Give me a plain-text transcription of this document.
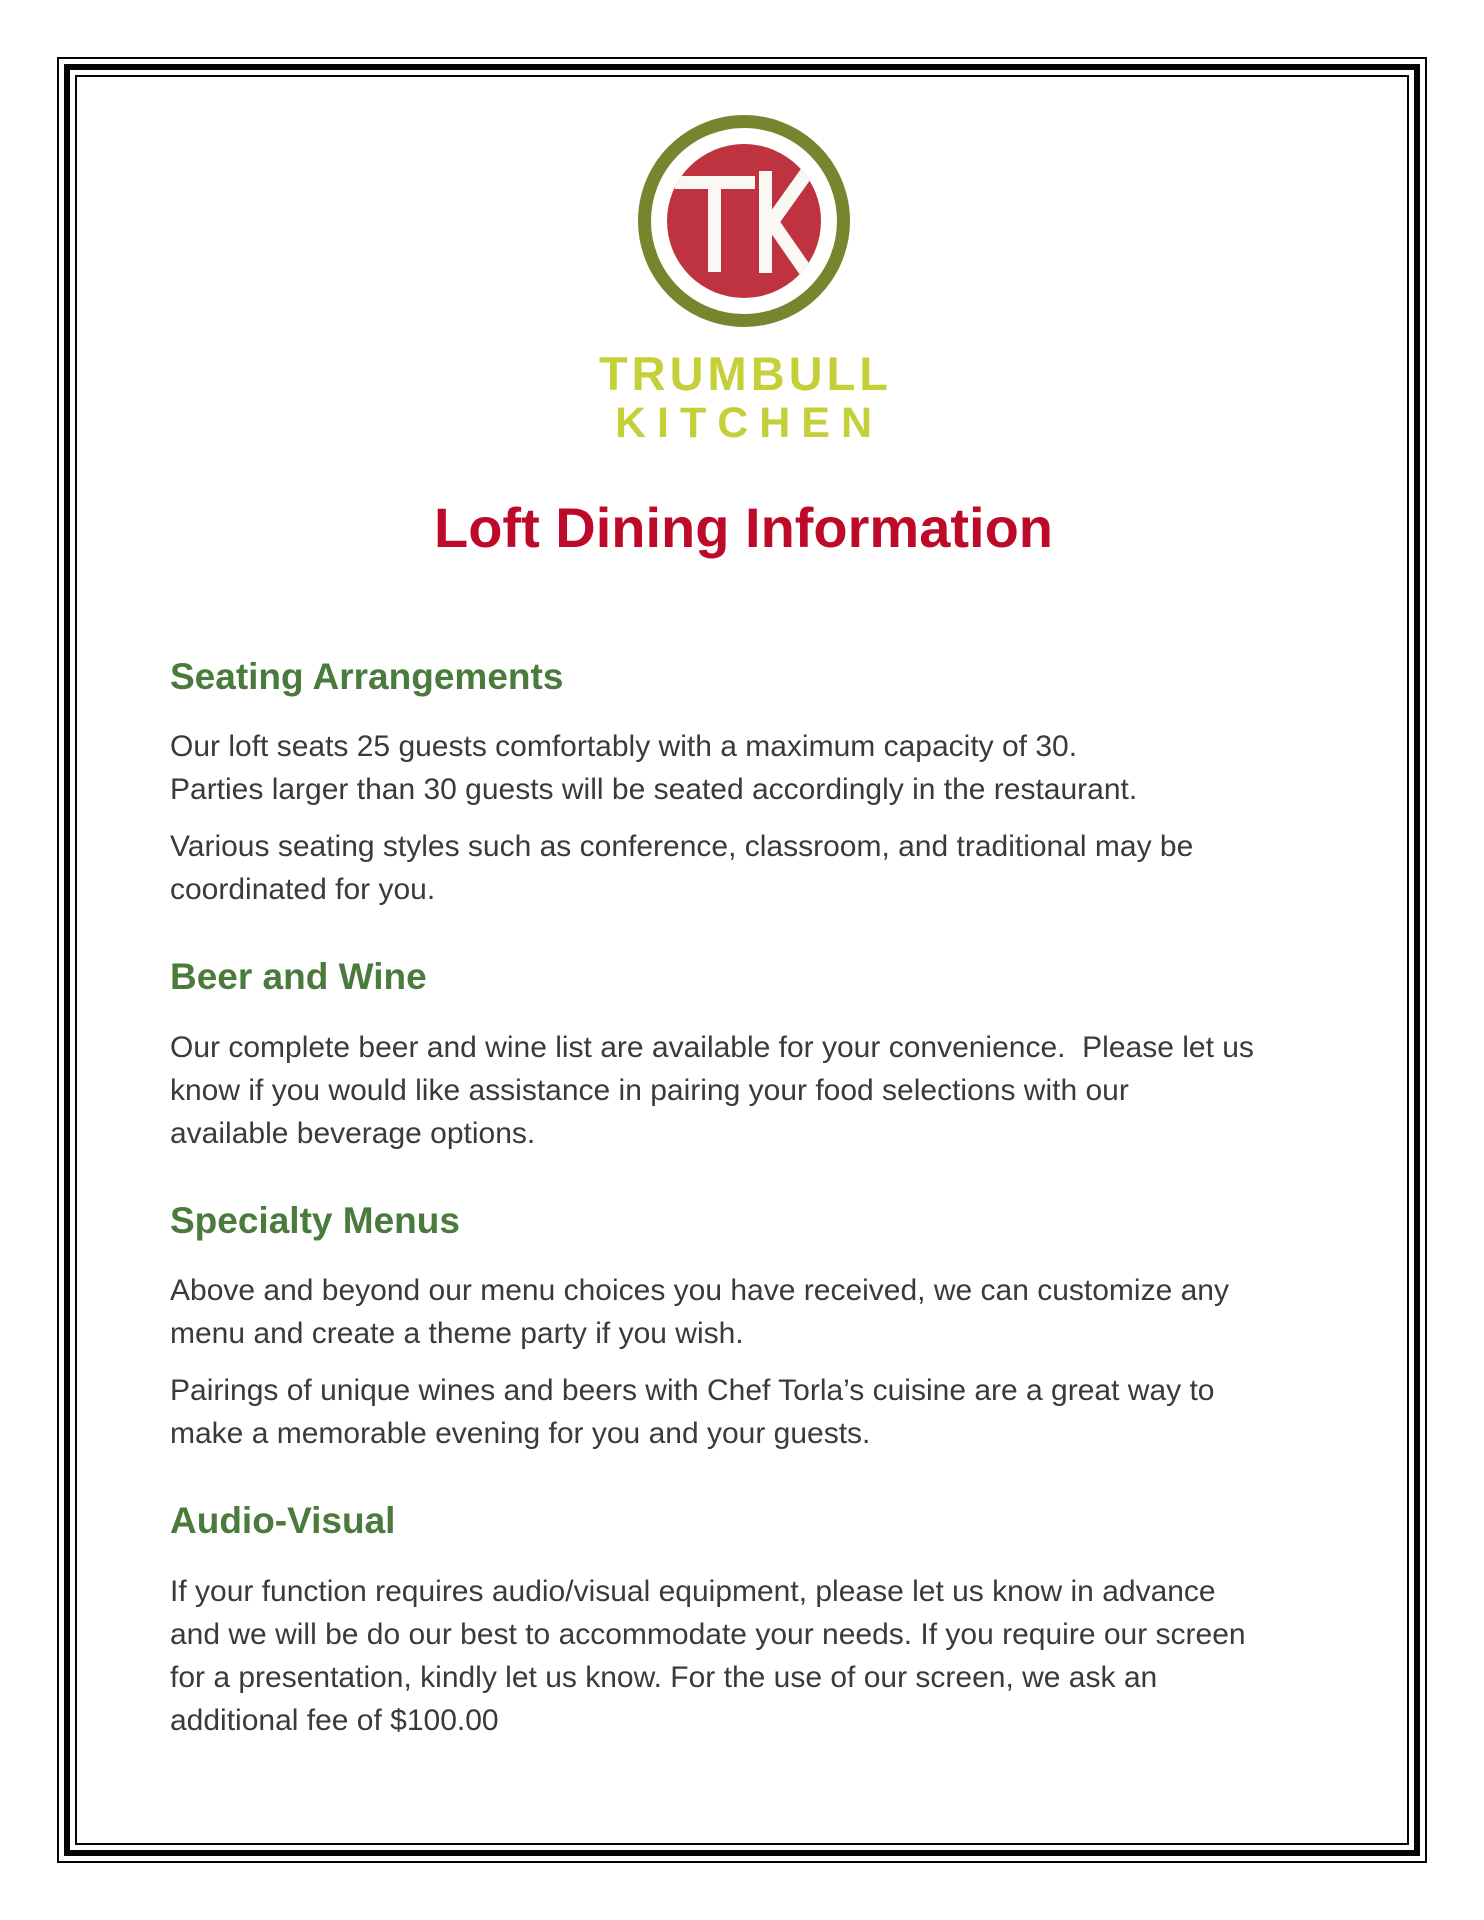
TRUMBULL
KITCHEN
Loft Dining Information
Seating Arrangements

Our loft seats 25 guests comfortably with a maximum capacity of 30.

Parties larger than 30 guests will be seated accordingly in the restaurant.

Various seating styles such as conference, classroom, and traditional may be

coordinated for you.

Beer and Wine

Our complete beer and wine list are available for your convenience.  Please let us

know if you would like assistance in pairing your food selections with our

available beverage options.

Specialty Menus

Above and beyond our menu choices you have received, we can customize any

menu and create a theme party if you wish.

Pairings of unique wines and beers with Chef Torla’s cuisine are a great way to

make a memorable evening for you and your guests.

Audio-Visual

If your function requires audio/visual equipment, please let us know in advance

and we will be do our best to accommodate your needs. If you require our screen

for a presentation, kindly let us know. For the use of our screen, we ask an

additional fee of $100.00
